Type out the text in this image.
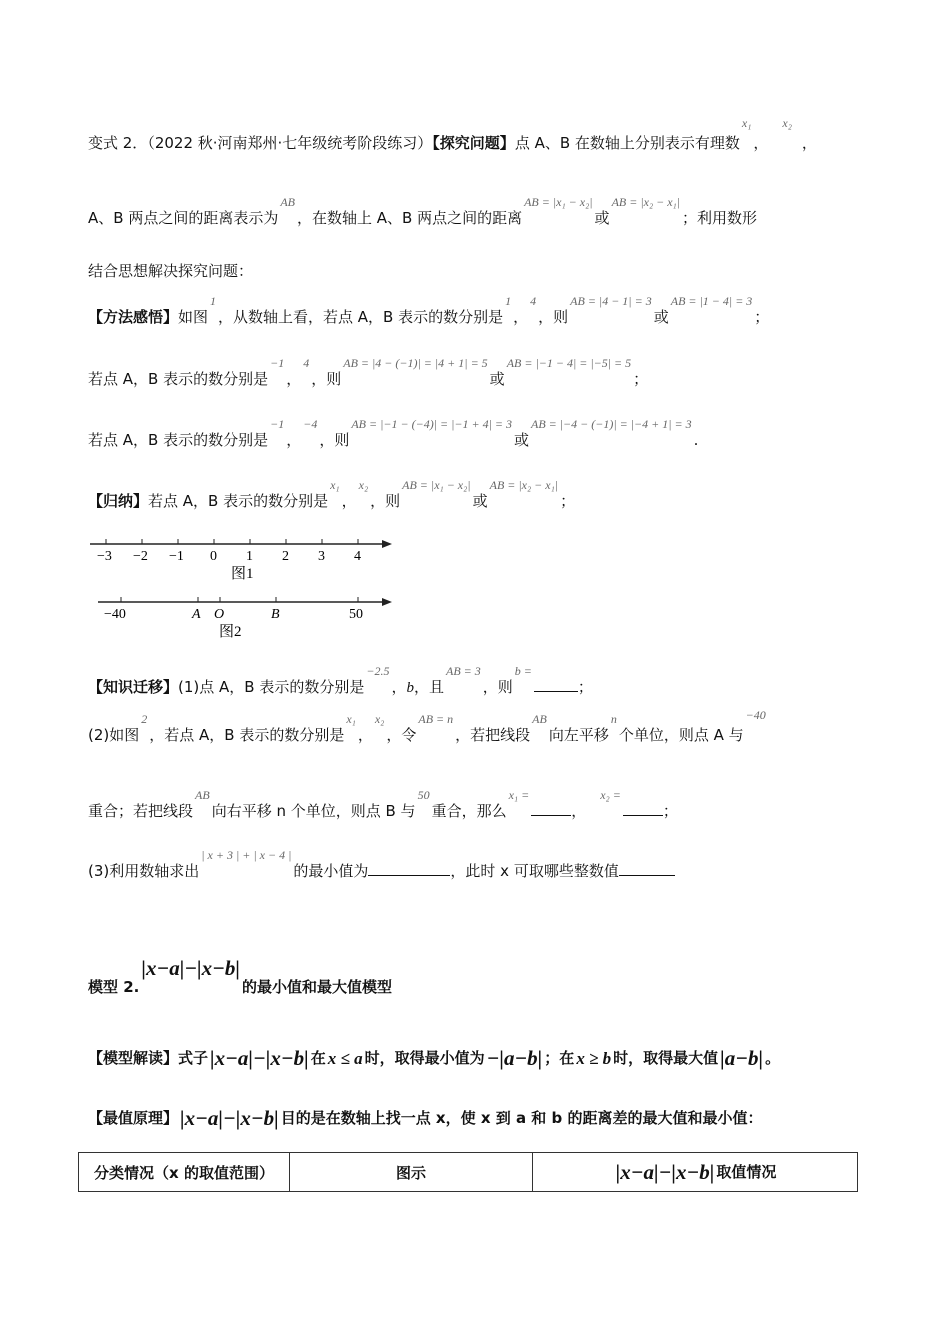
变式 2．（2022 秋·河南郑州·七年级统考阶段练习）【探究问题】点 A、B 在数轴上分别表示有理数x₁，x₂，
A、B 两点之间的距离表示为AB，在数轴上 A、B 两点之间的距离AB = |x₁ − x₂|或AB = |x₂ − x₁|；利用数形
结合思想解决探究问题：
【方法感悟】如图1，从数轴上看，若点 A，B 表示的数分别是1，4，则AB = |4 − 1| = 3或AB = |1 − 4| = 3；
若点 A，B 表示的数分别是−1，4，则AB = |4 − (−1)| = |4 + 1| = 5或AB = |−1 − 4| = |−5| = 5；
若点 A，B 表示的数分别是−1，−4，则AB = |−1 − (−4)| = |−1 + 4| = 3或AB = |−4 − (−1)| = |−4 + 1| = 3.
【归纳】若点 A，B 表示的数分别是x₁，x₂，则AB = |x₁ − x₂|或AB = |x₂ − x₁|；
−3 −2 −1 0 1 2 3 4
图1
−40	A O	B	50
图2
【知识迁移】(1)点 A，B 表示的数分别是−2.5，b，且AB = 3，则b =；
(2)如图2，若点 A，B 表示的数分别是x₁，x₂，令AB = n，若把线段AB向左平移n个单位，则点 A 与−40
重合；若把线段AB向右平移 n 个单位，则点 B 与50重合，那么x₁ =，x₂ =；
(3)利用数轴求出| x + 3 | + | x − 4 |的最小值为	，此时 x 可取哪些整数值
模型 2.|x−a|−|x−b|的最小值和最大值模型
【模型解读】式子|x−a|−|x−b| 在 x ≤ a 时，取得最小值为−|a−b| ；在 x ≥ b 时，取得最大值|a−b| 。
【最值原理】|x−a|−|x−b| 目的是在数轴上找一点 x，使 x 到 a 和 b 的距离差的最大值和最小值：
分类情况（x 的取值范围）	图示	|x−a|−|x−b| 取值情况
